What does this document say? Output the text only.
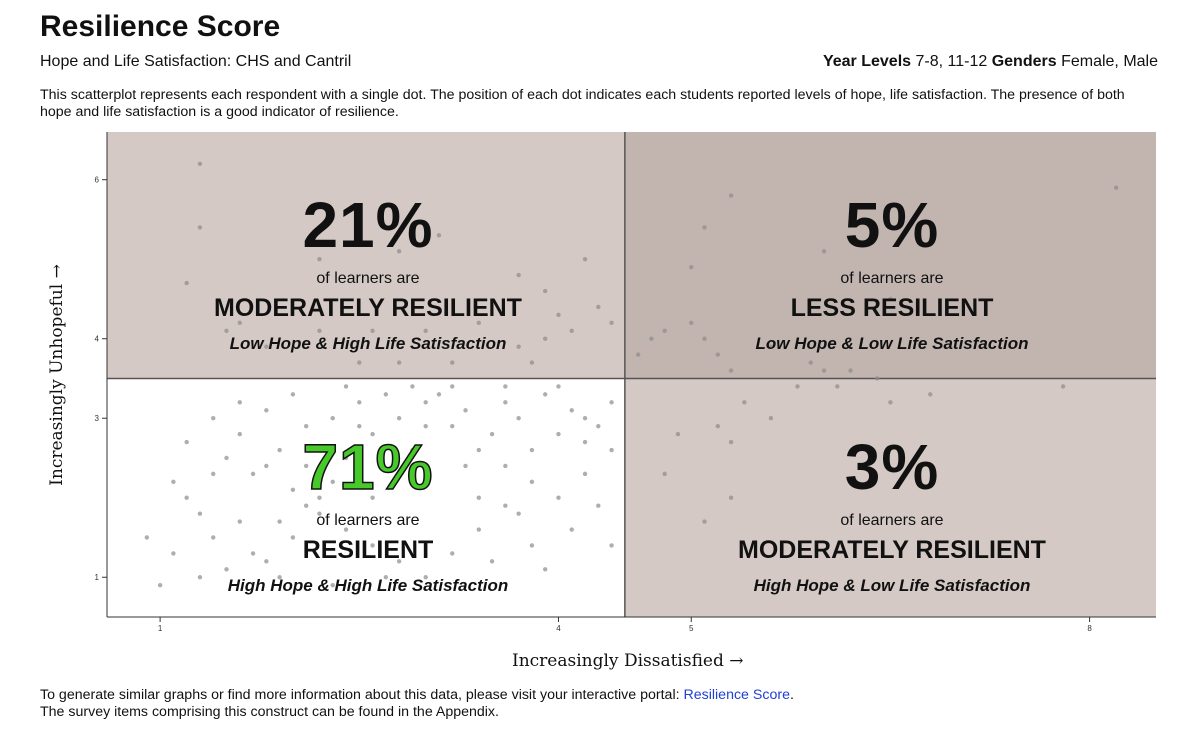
Resilience Score
Hope and Life Satisfaction: CHS and Cantril	Year Levels 7-8, 11-12 Genders Female, Male
This scatterplot represents each respondent with a single dot. The position of each dot indicates each students reported levels of hope, life satisfaction. The presence of both hope and life satisfaction is a good indicator of resilience.
1
3
4
6
1	4	5	8
Increasingly Unhopeful →
Increasingly Dissatisfied →
21%
of learners are
MODERATELY RESILIENT
Low Hope & High Life Satisfaction
5%
of learners are
LESS RESILIENT
Low Hope & Low Life Satisfaction
71%
of learners are
RESILIENT
High Hope & High Life Satisfaction
3%
of learners are
MODERATELY RESILIENT
High Hope & Low Life Satisfaction
To generate similar graphs or find more information about this data, please visit your interactive portal: Resilience Score.
The survey items comprising this construct can be found in the Appendix.
